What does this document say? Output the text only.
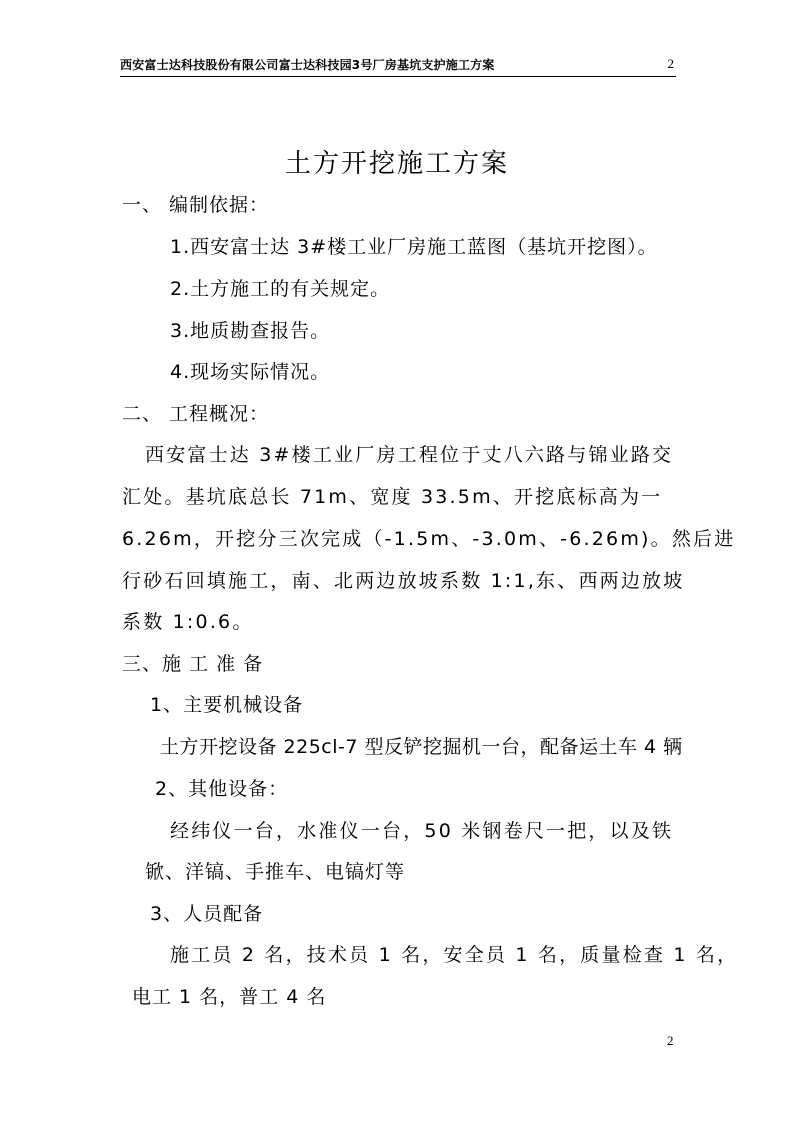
西安富士达科技股份有限公司富士达科技园3号厂房基坑支护施工方案	2
土方开挖施工方案
一、 编制依据：
1.西安富士达 3#楼工业厂房施工蓝图（基坑开挖图）。
2.土方施工的有关规定。
3.地质勘查报告。
4.现场实际情况。
二、 工程概况：
西安富士达 3#楼工业厂房工程位于丈八六路与锦业路交
汇处。基坑底总长 71m、宽度 33.5m、开挖底标高为一
6.26m，开挖分三次完成（-1.5m、-3.0m、-6.26m)。然后进
行砂石回填施工，南、北两边放坡系数 1:1,东、西两边放坡
系数 1:0.6。
三、施 工 准 备
1、主要机械设备
土方开挖设备 225cl-7 型反铲挖掘机一台，配备运土车 4 辆
2、其他设备：
经纬仪一台，水准仪一台，50 米钢卷尺一把，以及铁
锨、洋镐、手推车、电镐灯等
3、人员配备
施工员 2 名，技术员 1 名，安全员 1 名，质量检查 1 名，
电工 1 名，普工 4 名
2
